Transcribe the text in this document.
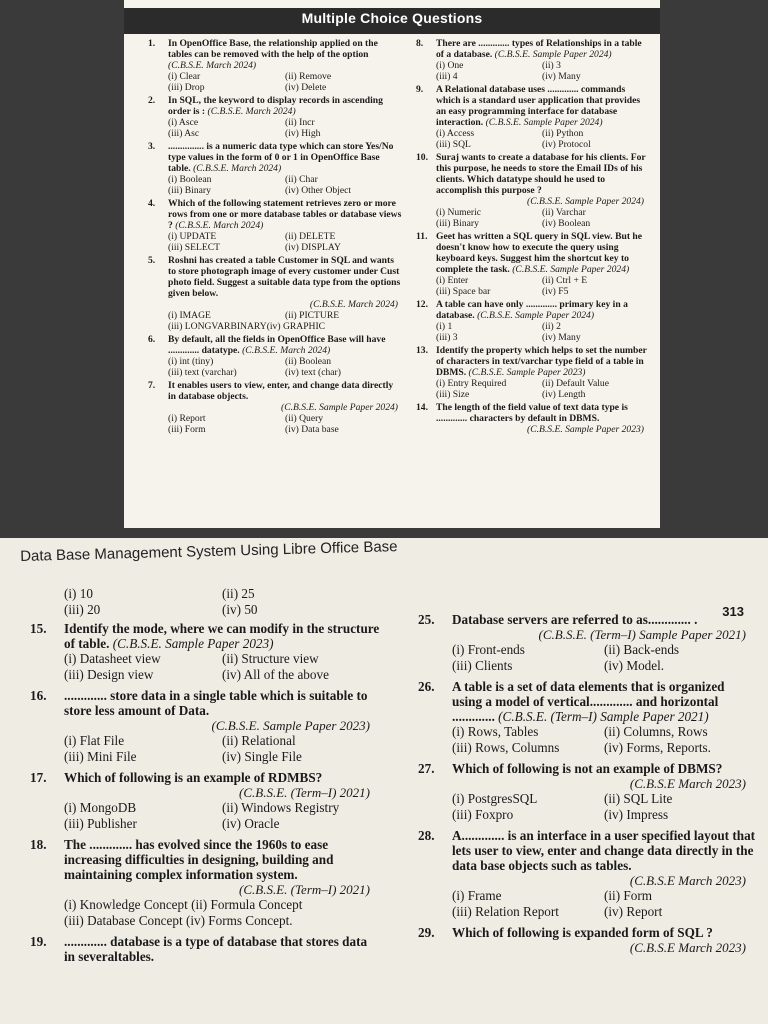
Multiple Choice Questions
1. In OpenOffice Base, the relationship applied on the tables can be removed with the help of the option (C.B.S.E. March 2024)
(i) Clear	(ii) Remove
(iii) Drop	(iv) Delete
2. In SQL, the keyword to display records in ascending order is : (C.B.S.E. March 2024)
(i) Asce	(ii) Incr
(iii) Asc	(iv) High
3. ............... is a numeric data type which can store Yes/No type values in the form of 0 or 1 in OpenOffice Base table. (C.B.S.E. March 2024)
(i) Boolean	(ii) Char
(iii) Binary	(iv) Other Object
4. Which of the following statement retrieves zero or more rows from one or more database tables or database views ? (C.B.S.E. March 2024)
(i) UPDATE	(ii) DELETE
(iii) SELECT	(iv) DISPLAY
5. Roshni has created a table Customer in SQL and wants to store photograph image of every customer under Cust photo field. Suggest a suitable data type from the options given below.
(C.B.S.E. March 2024)
(i) IMAGE	(ii) PICTURE
(iii) LONGVARBINARY(iv) GRAPHIC
6. By default, all the fields in OpenOffice Base will have ............. datatype. (C.B.S.E. March 2024)
(i) int (tiny)	(ii) Boolean
(iii) text (varchar)	(iv) text (char)
7. It enables users to view, enter, and change data directly in database objects.
(C.B.S.E. Sample Paper 2024)
(i) Report	(ii) Query
(iii) Form	(iv) Data base
8. There are ............. types of Relationships in a table of a database. (C.B.S.E. Sample Paper 2024)
(i) One	(ii) 3
(iii) 4	(iv) Many
9. A Relational database uses ............. commands which is a standard user application that provides an easy programming interface for database interaction. (C.B.S.E. Sample Paper 2024)
(i) Access	(ii) Python
(iii) SQL	(iv) Protocol
10. Suraj wants to create a database for his clients. For this purpose, he needs to store the Email IDs of his clients. Which datatype should he used to accomplish this purpose ?
(C.B.S.E. Sample Paper 2024)
(i) Numeric	(ii) Varchar
(iii) Binary	(iv) Boolean
11. Geet has written a SQL query in SQL view. But he doesn't know how to execute the query using keyboard keys. Suggest him the shortcut key to complete the task. (C.B.S.E. Sample Paper 2024)
(i) Enter	(ii) Ctrl + E
(iii) Space bar	(iv) F5
12. A table can have only ............. primary key in a database. (C.B.S.E. Sample Paper 2024)
(i) 1	(ii) 2
(iii) 3	(iv) Many
13. Identify the property which helps to set the number of characters in text/varchar type field of a table in DBMS. (C.B.S.E. Sample Paper 2023)
(i) Entry Required	(ii) Default Value
(iii) Size	(iv) Length
14. The length of the field value of text data type is ............. characters by default in DBMS.
(C.B.S.E. Sample Paper 2023)
Data Base Management System Using Libre Office Base
313
(i) 10	(ii) 25
(iii) 20	(iv) 50
15. Identify the mode, where we can modify in the structure of table. (C.B.S.E. Sample Paper 2023)
(i) Datasheet view	(ii) Structure view
(iii) Design view	(iv) All of the above
16. ............. store data in a single table which is suitable to store less amount of Data.
(C.B.S.E. Sample Paper 2023)
(i) Flat File	(ii) Relational
(iii) Mini File	(iv) Single File
17. Which of following is an example of RDMBS?
(C.B.S.E. (Term–I) 2021)
(i) MongoDB	(ii) Windows Registry
(iii) Publisher	(iv) Oracle
18. The ............. has evolved since the 1960s to ease increasing difficulties in designing, building and maintaining complex information system.
(C.B.S.E. (Term–I) 2021)
(i) Knowledge Concept (ii) Formula Concept
(iii) Database Concept (iv) Forms Concept.
19. ............. database is a type of database that stores data in severaltables.
25. Database servers are referred to as............. .
(C.B.S.E. (Term–I) Sample Paper 2021)
(i) Front-ends	(ii) Back-ends
(iii) Clients	(iv) Model.
26. A table is a set of data elements that is organized using a model of vertical............. and horizontal ............. (C.B.S.E. (Term–I) Sample Paper 2021)
(i) Rows, Tables	(ii) Columns, Rows
(iii) Rows, Columns	(iv) Forms, Reports.
27. Which of following is not an example of DBMS?
(C.B.S.E March 2023)
(i) PostgresSQL	(ii) SQL Lite
(iii) Foxpro	(iv) Impress
28. A............. is an interface in a user specified layout that lets user to view, enter and change data directly in the data base objects such as tables.
(C.B.S.E March 2023)
(i) Frame	(ii) Form
(iii) Relation Report	(iv) Report
29. Which of following is expanded form of SQL ?
(C.B.S.E March 2023)
